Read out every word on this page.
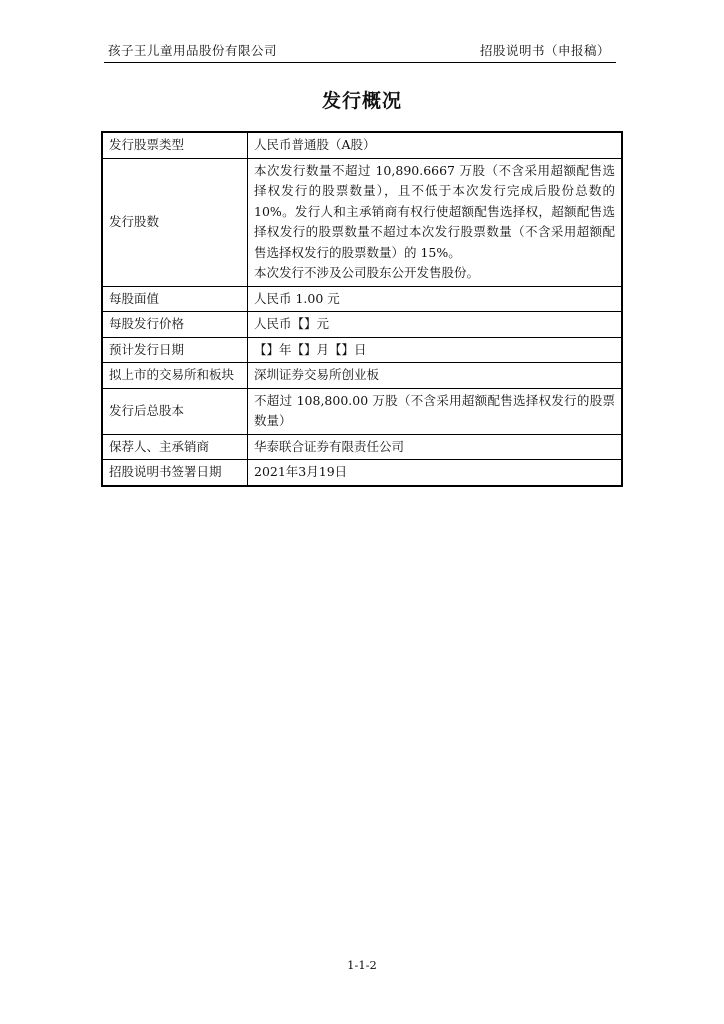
孩子王儿童用品股份有限公司	招股说明书（申报稿）
发行概况
发行股票类型	人民币普通股（A股）
发行股数	本次发行数量不超过 10,890.6667 万股（不含采用超额配售选择权发行的股票数量），且不低于本次发行完成后股份总数的 10%。发行人和主承销商有权行使超额配售选择权，超额配售选择权发行的股票数量不超过本次发行股票数量（不含采用超额配售选择权发行的股票数量）的 15%。
本次发行不涉及公司股东公开发售股份。

每股面值	人民币 1.00 元
每股发行价格	人民币【】元
预计发行日期	【】年【】月【】日
拟上市的交易所和板块	深圳证券交易所创业板
发行后总股本	不超过 108,800.00 万股（不含采用超额配售选择权发行的股票数量）
保荐人、主承销商	华泰联合证券有限责任公司
招股说明书签署日期	2021年3月19日
1-1-2
